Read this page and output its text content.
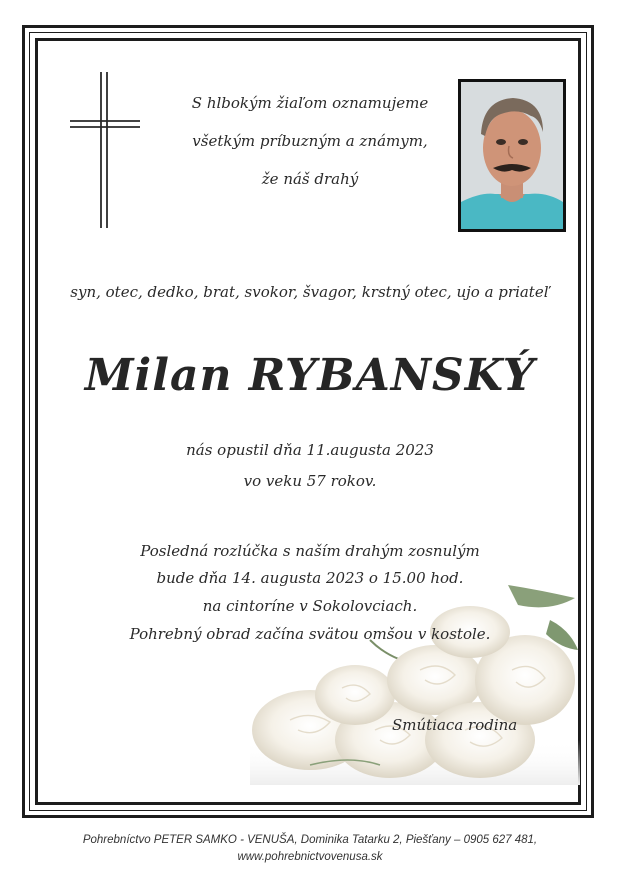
S hlbokým žiaľom oznamujeme
všetkým príbuzným a známym,
že náš drahý
syn, otec, dedko, brat, svokor, švagor, krstný otec, ujo a priateľ
Milan RYBANSKÝ
nás opustil dňa 11.augusta 2023
vo veku 57 rokov.
Posledná rozlúčka s naším drahým zosnulým
bude dňa 14. augusta 2023 o 15.00 hod.
na cintoríne v Sokolovciach.
Pohrebný obrad začína svätou omšou v kostole.
Smútiaca rodina
Pohrebníctvo PETER SAMKO - VENUŠA, Dominika Tatarku 2, Piešťany – 0905 627 481,
www.pohrebnictvovenusa.sk
